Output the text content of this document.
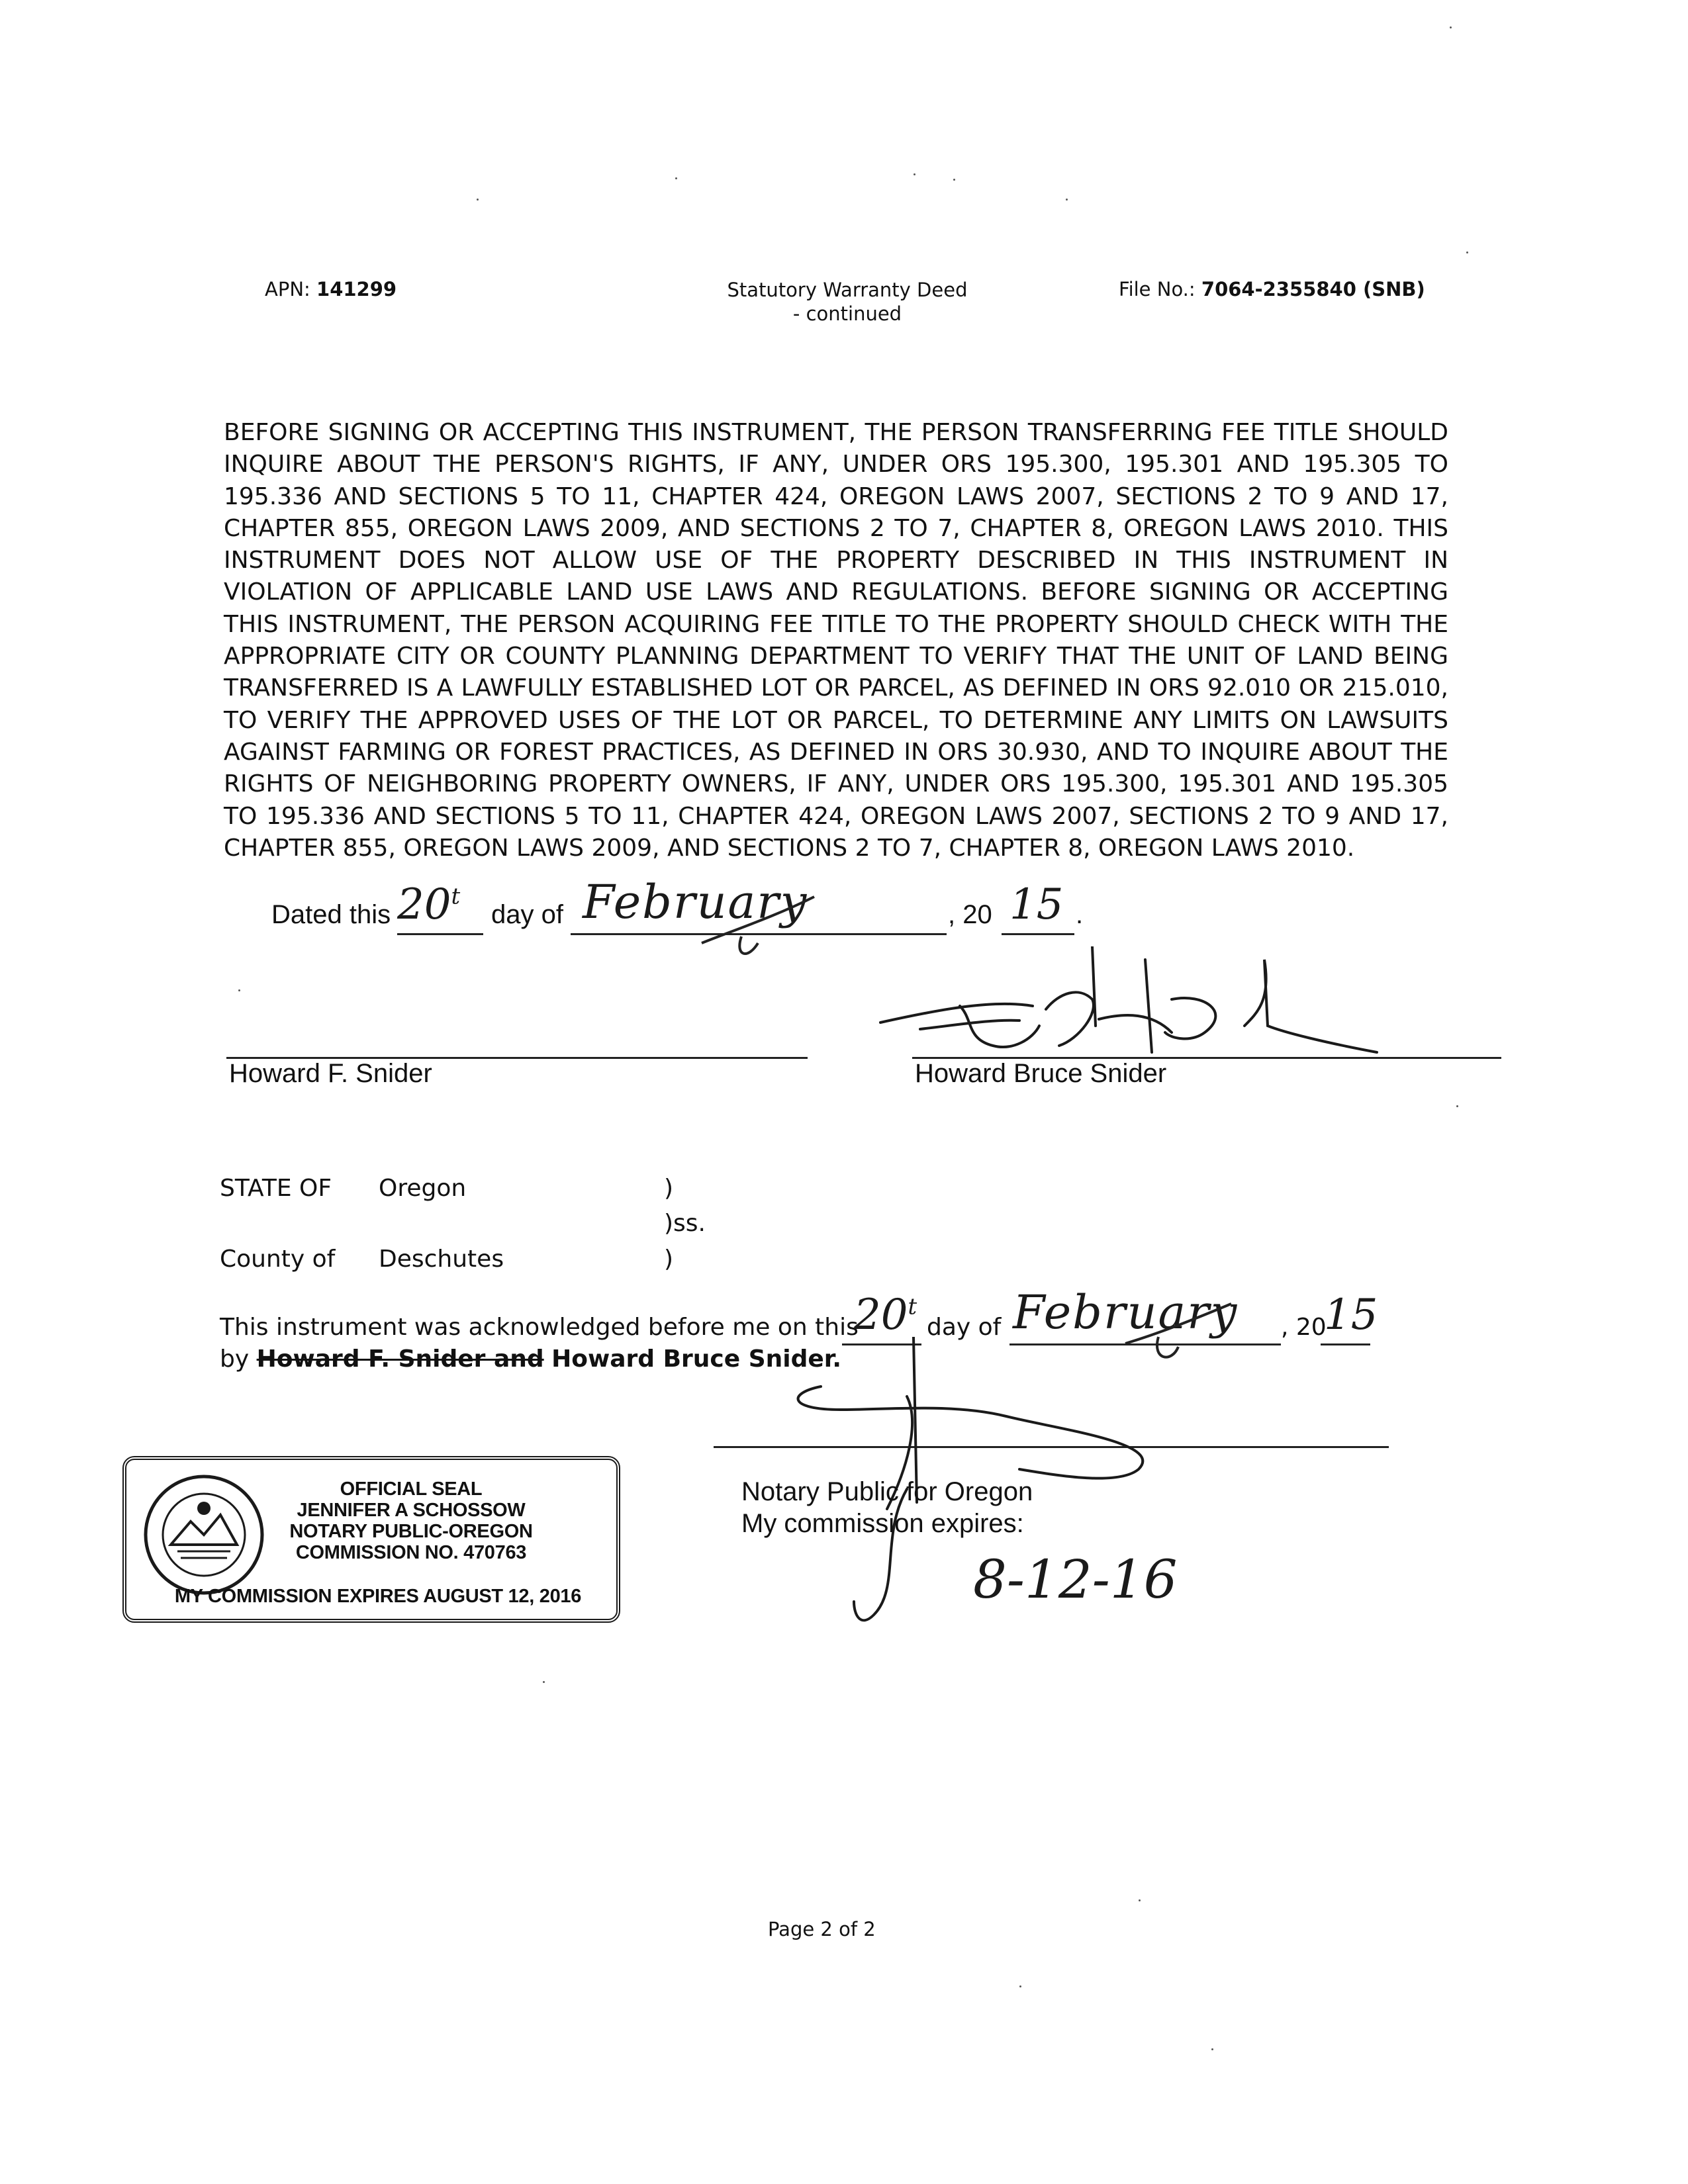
APN: 141299	Statutory Warranty Deed
- continued
File No.: 7064-2355840 (SNB)
BEFORE SIGNING OR ACCEPTING THIS INSTRUMENT, THE PERSON TRANSFERRING FEE TITLE SHOULD
INQUIRE ABOUT THE PERSON'S RIGHTS, IF ANY, UNDER ORS 195.300, 195.301 AND 195.305 TO
195.336 AND SECTIONS 5 TO 11, CHAPTER 424, OREGON LAWS 2007, SECTIONS 2 TO 9 AND 17,
CHAPTER 855, OREGON LAWS 2009, AND SECTIONS 2 TO 7, CHAPTER 8, OREGON LAWS 2010. THIS
INSTRUMENT DOES NOT ALLOW USE OF THE PROPERTY DESCRIBED IN THIS INSTRUMENT IN
VIOLATION OF APPLICABLE LAND USE LAWS AND REGULATIONS. BEFORE SIGNING OR ACCEPTING
THIS INSTRUMENT, THE PERSON ACQUIRING FEE TITLE TO THE PROPERTY SHOULD CHECK WITH THE
APPROPRIATE CITY OR COUNTY PLANNING DEPARTMENT TO VERIFY THAT THE UNIT OF LAND BEING
TRANSFERRED IS A LAWFULLY ESTABLISHED LOT OR PARCEL, AS DEFINED IN ORS 92.010 OR 215.010,
TO VERIFY THE APPROVED USES OF THE LOT OR PARCEL, TO DETERMINE ANY LIMITS ON LAWSUITS
AGAINST FARMING OR FOREST PRACTICES, AS DEFINED IN ORS 30.930, AND TO INQUIRE ABOUT THE
RIGHTS OF NEIGHBORING PROPERTY OWNERS, IF ANY, UNDER ORS 195.300, 195.301 AND 195.305
TO 195.336 AND SECTIONS 5 TO 11, CHAPTER 424, OREGON LAWS 2007, SECTIONS 2 TO 9 AND 17,
CHAPTER 855, OREGON LAWS 2009, AND SECTIONS 2 TO 7, CHAPTER 8, OREGON LAWS 2010.
Dated this 20$^t$
day of February	, 20 15 .
Howard F. Snider	Howard Bruce Snider
STATE OF Oregon	)
)ss.
County of Deschutes	)
This instrument was acknowledged before me on this
20$^t$
day of February , 20
15
by Howard F. Snider and Howard Bruce Snider.
OFFICIAL SEAL
JENNIFER A SCHOSSOW
NOTARY PUBLIC-OREGON
COMMISSION NO. 470763
MY COMMISSION EXPIRES AUGUST 12, 2016
Notary Public for Oregon
My commission expires:
8-12-16
Page 2 of 2
